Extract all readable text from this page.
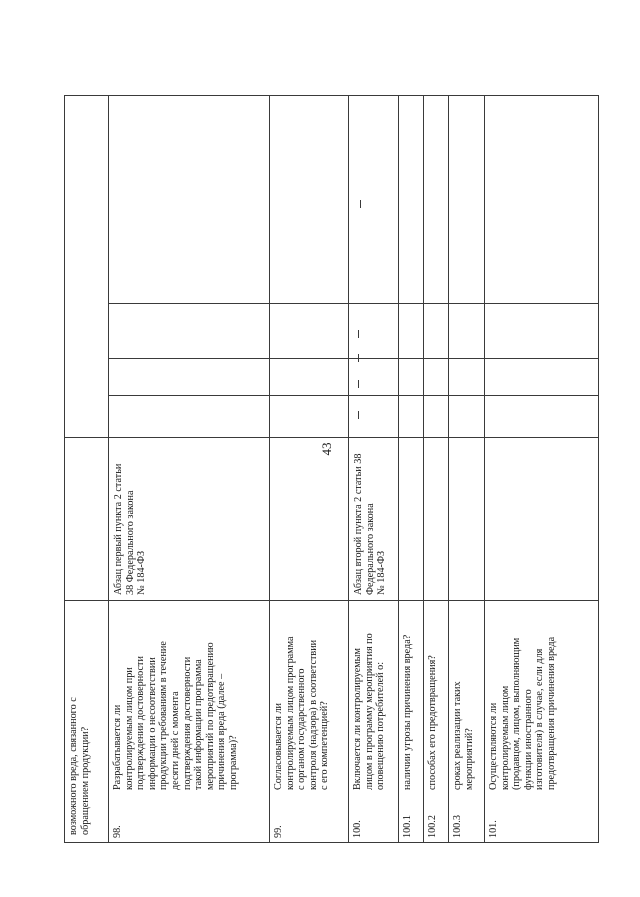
43
возможного вреда, связанного с обращением продукции? 98.
Разрабатывается ли контролируемым лицом при подтверждении достоверности информации о несоответствии продукции требованиям в течение десяти дней с момента подтверждения достоверности такой информации программа мероприятий по предотвращению причинения вреда (далее – программа)?
Абзац первый пункта 2 статьи 38 Федерального закона № 184-ФЗ
99.
Согласовывается ли контролируемым лицом программа с органом государственного контроля (надзора) в соответствии с его компетенцией?
100.
Включается ли контролируемым лицом в программу мероприятия по оповещению потребителей о:
Абзац второй пункта 2 статьи 38 Федерального закона № 184-ФЗ
100.1
наличии угрозы причинения вреда?
100.2
способах его предотвращения?
100.3
сроках реализации таких мероприятий?
101.
Осуществляются ли контролируемым лицом (продавцом, лицом, выполняющим функции иностранного изготовителя) в случае, если для предотвращения причинения вреда
